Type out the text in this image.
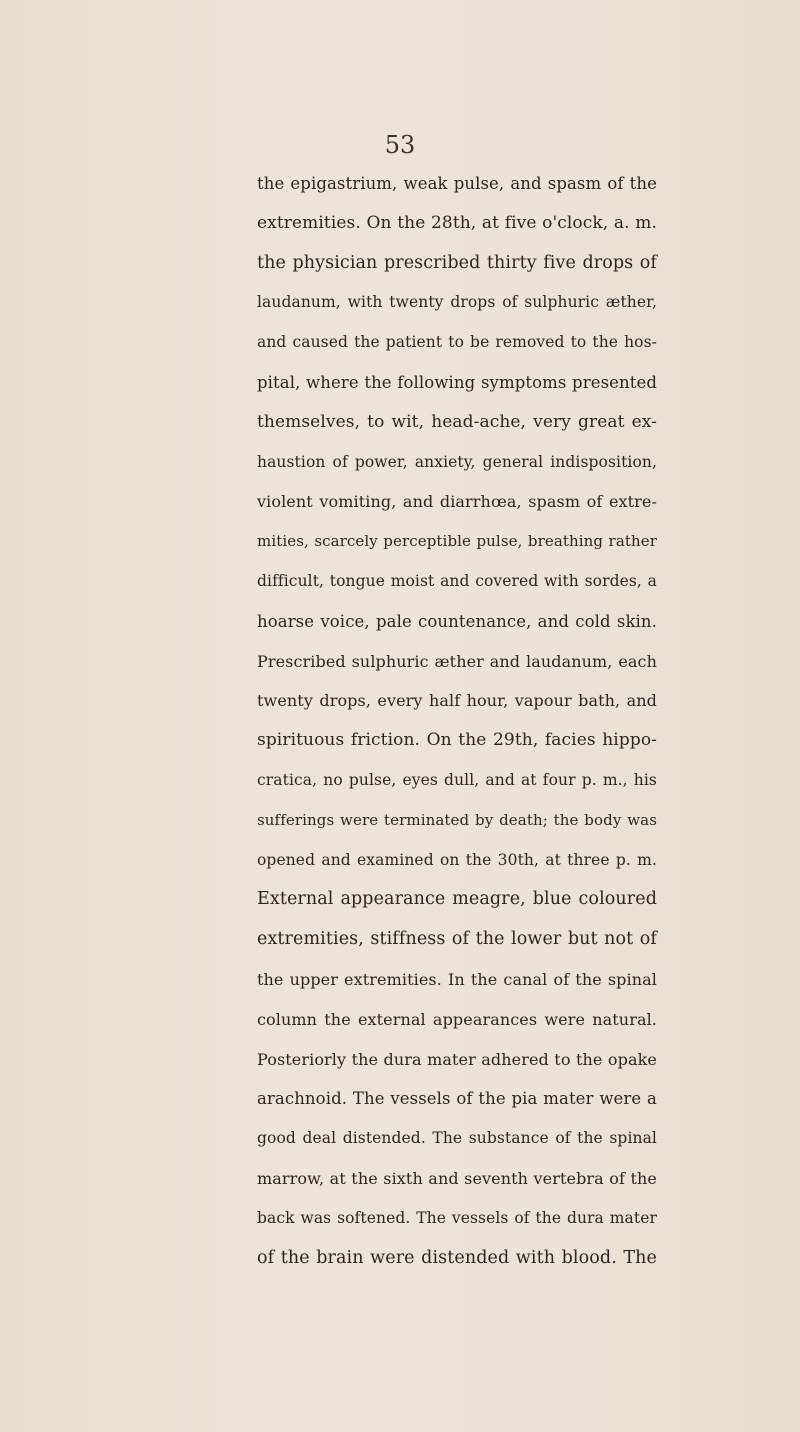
53
the epigastrium, weak pulse, and spasm of the
extremities. On the 28th, at five o'clock, a. m.
the physician prescribed thirty five drops of
laudanum, with twenty drops of sulphuric æther,
and caused the patient to be removed to the hos-
pital, where the following symptoms presented
themselves, to wit, head-ache, very great ex-
haustion of power, anxiety, general indisposition,
violent vomiting, and diarrhœa, spasm of extre-
mities, scarcely perceptible pulse, breathing rather
difficult, tongue moist and covered with sordes, a
hoarse voice, pale countenance, and cold skin.
Prescribed sulphuric æther and laudanum, each
twenty drops, every half hour, vapour bath, and
spirituous friction. On the 29th, facies hippo-
cratica, no pulse, eyes dull, and at four p. m., his
sufferings were terminated by death; the body was
opened and examined on the 30th, at three p. m.
External appearance meagre, blue coloured
extremities, stiffness of the lower but not of
the upper extremities. In the canal of the spinal
column the external appearances were natural.
Posteriorly the dura mater adhered to the opake
arachnoid. The vessels of the pia mater were a
good deal distended. The substance of the spinal
marrow, at the sixth and seventh vertebra of the
back was softened. The vessels of the dura mater
of the brain were distended with blood. The
